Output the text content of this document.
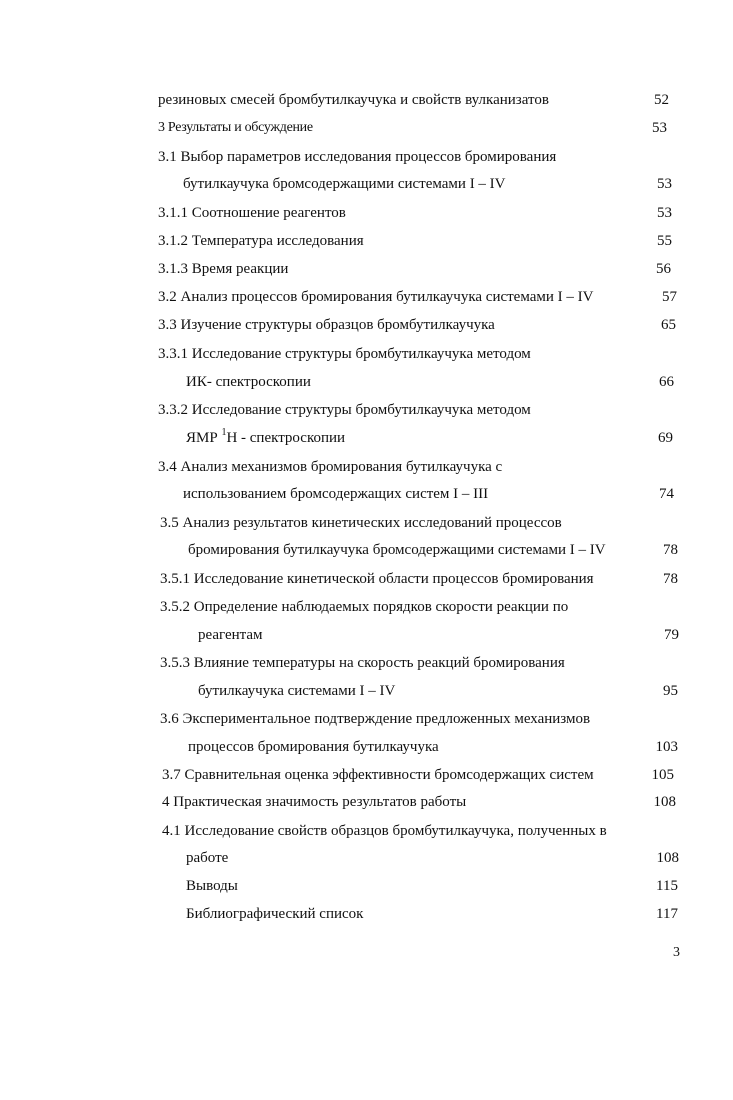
резиновых смесей бромбутилкаучука и свойств вулканизатов	52
3 Результаты и обсуждение	53
3.1 Выбор параметров исследования процессов бромирования
бутилкаучука бромсодержащими системами I – IV	53
3.1.1 Соотношение реагентов	53
3.1.2 Температура исследования	55
3.1.3 Время реакции	56
3.2 Анализ процессов бромирования бутилкаучука системами I – IV	57
3.3 Изучение структуры образцов бромбутилкаучука	65
3.3.1 Исследование структуры бромбутилкаучука методом
ИК- спектроскопии	66
3.3.2 Исследование структуры бромбутилкаучука методом
ЯМР $^1$Н - спектроскопии	69
3.4 Анализ механизмов бромирования бутилкаучука с
использованием бромсодержащих систем I – III	74
3.5 Анализ результатов кинетических исследований процессов
бромирования бутилкаучука бромсодержащими системами I – IV	78
3.5.1 Исследование кинетической области процессов бромирования	78
3.5.2 Определение наблюдаемых порядков скорости реакции по
реагентам	79
3.5.3 Влияние температуры на скорость реакций бромирования
бутилкаучука системами I – IV	95
3.6 Экспериментальное подтверждение предложенных механизмов
процессов бромирования бутилкаучука	103
3.7 Сравнительная оценка эффективности бромсодержащих систем	105
4 Практическая значимость результатов работы	108
4.1 Исследование свойств образцов бромбутилкаучука, полученных в
работе	108
Выводы	115
Библиографический список	117
3
